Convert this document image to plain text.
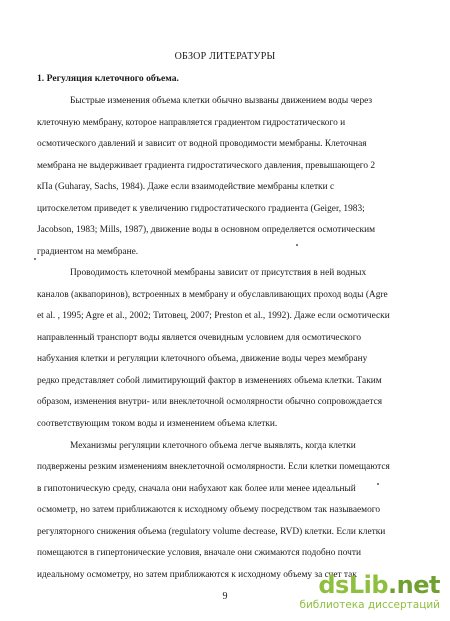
ОБЗОР ЛИТЕРАТУРЫ
1. Регуляция клеточного объема.
Быстрые изменения объема клетки обычно вызваны движением воды через
клеточную мембрану, которое направляется градиентом гидростатического и
осмотического давлений и зависит от водной проводимости мембраны. Клеточная
мембрана не выдерживает градиента гидростатического давления, превышающего 2
кПа (Guharay, Sachs, 1984). Даже если взаимодействие мембраны клетки с
цитоскелетом приведет к увеличению гидростатического градиента (Geiger, 1983;
Jacobson, 1983; Mills, 1987), движение воды в основном определяется осмотическим
градиентом на мембране.
Проводимость клеточной мембраны зависит от присутствия в ней водных
каналов (аквапоринов), встроенных в мембрану и обуславливающих проход воды (Agre
et al. , 1995; Agre et al., 2002; Титовец, 2007; Preston et al., 1992). Даже если осмотически
направленный транспорт воды является очевидным условием для осмотического
набухания клетки и регуляции клеточного объема, движение воды через мембрану
редко представляет собой лимитирующий фактор в изменениях объема клетки. Таким
образом, изменения внутри- или внеклеточной осмолярности обычно сопровождается
соответствующим током воды и изменением объема клетки.
Механизмы регуляции клеточного объема легче выявлять, когда клетки
подвержены резким изменениям внеклеточной осмолярности. Если клетки помещаются
в гипотоническую среду, сначала они набухают как более или менее идеальный
осмометр, но затем приближаются к исходному объему посредством так называемого
регуляторного снижения объема (regulatory volume decrease, RVD) клетки. Если клетки
помещаются в гипертонические условия, вначале они сжимаются подобно почти
идеальному осмометру, но затем приближаются к исходному объему за счет так
9	dsLib.net
библиотека диссертаций
